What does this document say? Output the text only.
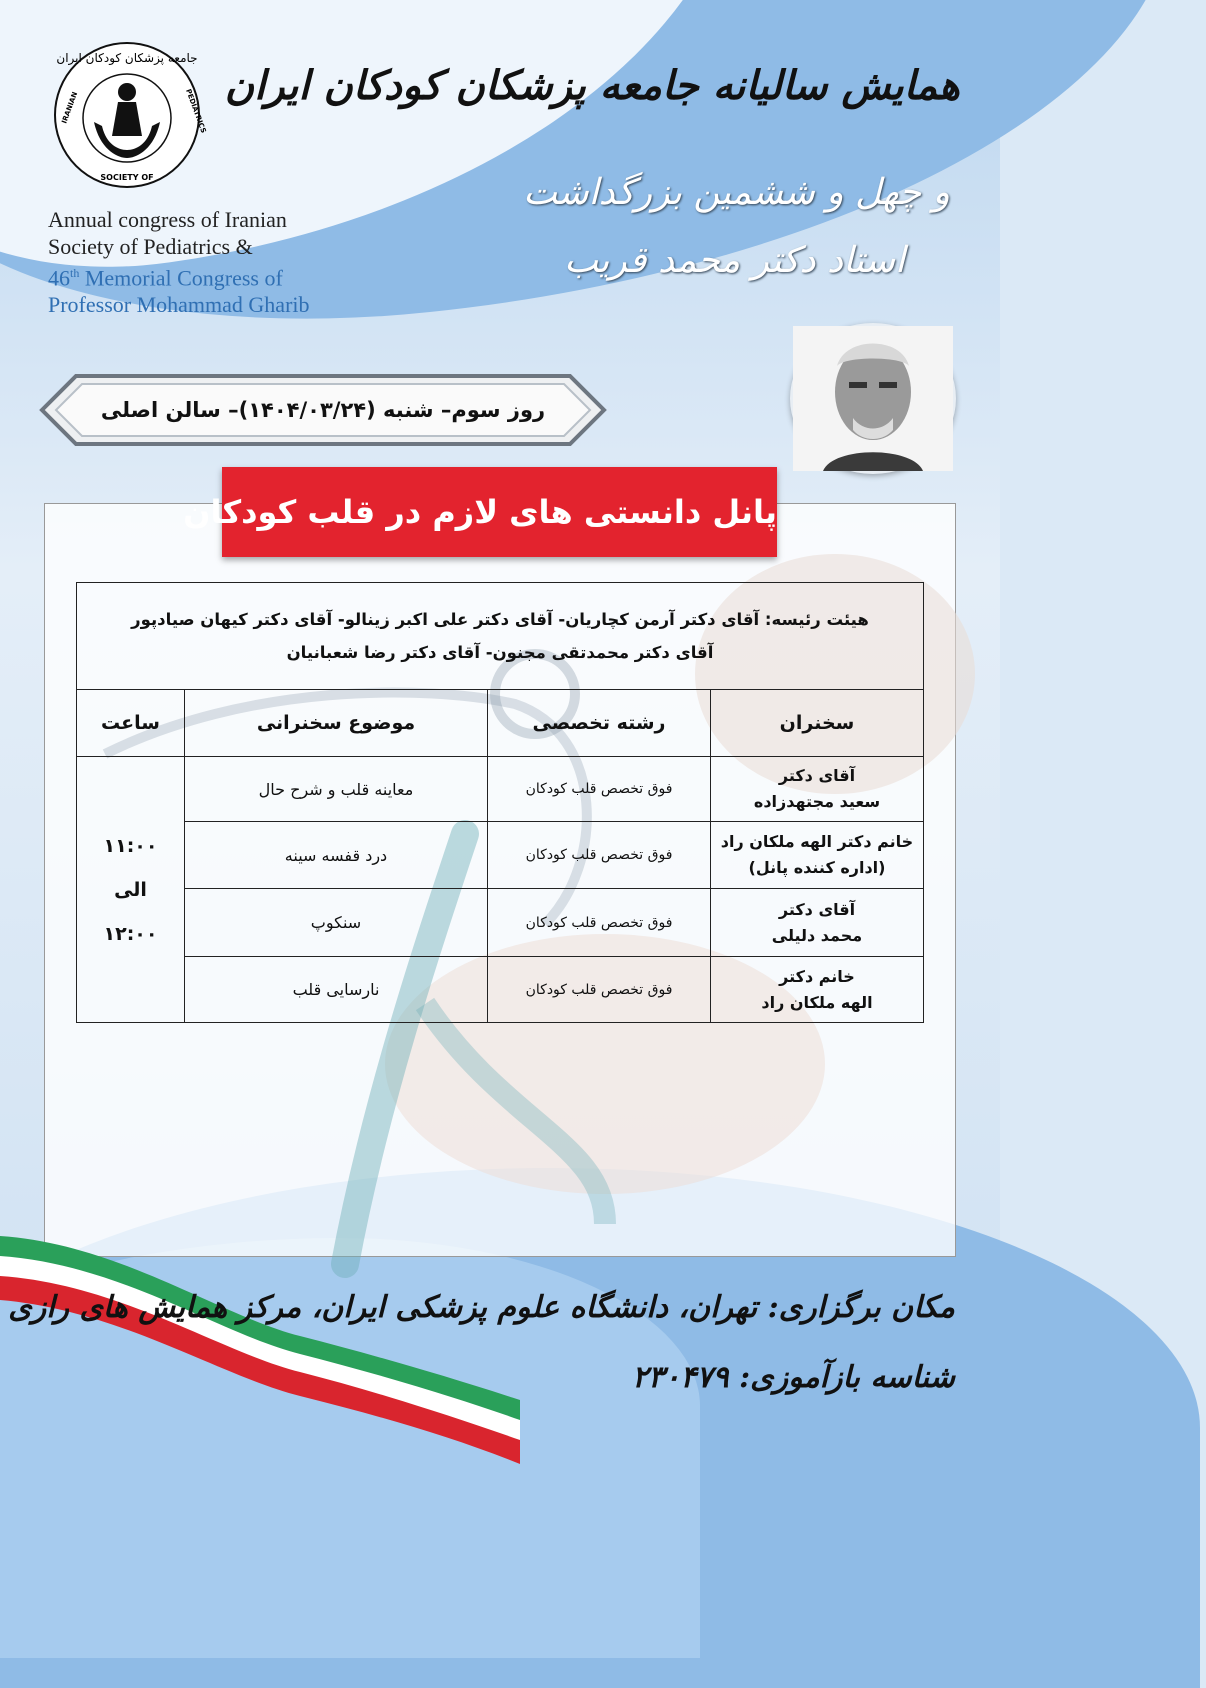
جامعه پزشکان کودکان ایران
IRANIAN	PEDIATRICS
SOCIETY OF
Annual congress of Iranian
Society of Pediatrics &
46th Memorial Congress of
Professor Mohammad Gharib
همایش سالیانه جامعه پزشکان کودکان ایران
و چهل و ششمین بزرگداشت
استاد دکتر محمد قریب
روز سوم– شنبه (۱۴۰۴/۰۳/۲۴)– سالن اصلی
پانل دانستی های لازم در قلب کودکان
هیئت رئیسه: آقای دکتر آرمن کچاریان- آقای دکتر علی اکبر زینالو- آقای دکتر کیهان صیادپور
آقای دکتر محمدتقی مجنون- آقای دکتر رضا شعبانیان			

سخنران	رشته تخصصی	موضوع سخنرانی	ساعت

آقای دکتر
سعید مجتهدزاده	فوق تخصص قلب کودکان	معاینه قلب و شرح حال	۱۱:۰۰
الی
۱۲:۰۰

خانم دکتر الهه ملکان راد
(اداره کننده پانل)	فوق تخصص قلب کودکان	درد قفسه سینه	

آقای دکتر
محمد دلیلی	فوق تخصص قلب کودکان	سنکوپ	

خانم دکتر
الهه ملکان راد	فوق تخصص قلب کودکان	نارسایی قلب	
مکان برگزاری: تهران، دانشگاه علوم پزشکی ایران، مرکز همایش های رازی
شناسه بازآموزی: ۲۳۰۴۷۹
